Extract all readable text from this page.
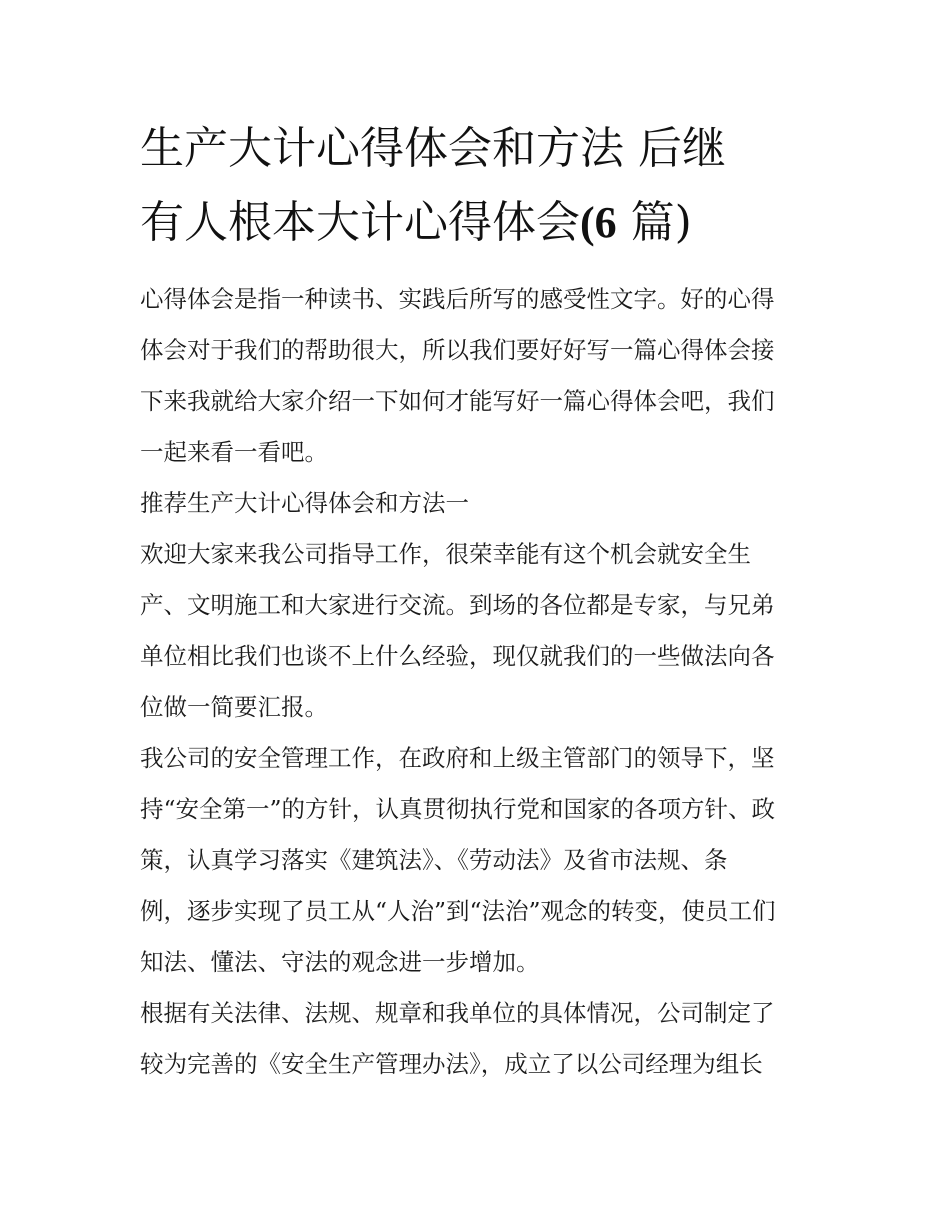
生产大计心得体会和方法 后继
有人根本大计心得体会(6 篇)

心得体会是指一种读书、实践后所写的感受性文字。好的心得
体会对于我们的帮助很大，所以我们要好好写一篇心得体会接
下来我就给大家介绍一下如何才能写好一篇心得体会吧，我们
一起来看一看吧。

推荐生产大计心得体会和方法一

欢迎大家来我公司指导工作，很荣幸能有这个机会就安全生
产、文明施工和大家进行交流。到场的各位都是专家，与兄弟
单位相比我们也谈不上什么经验，现仅就我们的一些做法向各
位做一简要汇报。

我公司的安全管理工作，在政府和上级主管部门的领导下，坚
持“安全第一”的方针，认真贯彻执行党和国家的各项方针、政
策，认真学习落实《建筑法》、《劳动法》及省市法规、条
例，逐步实现了员工从“人治”到“法治”观念的转变，使员工们
知法、懂法、守法的观念进一步增加。

根据有关法律、法规、规章和我单位的具体情况，公司制定了
较为完善的《安全生产管理办法》，成立了以公司经理为组长
